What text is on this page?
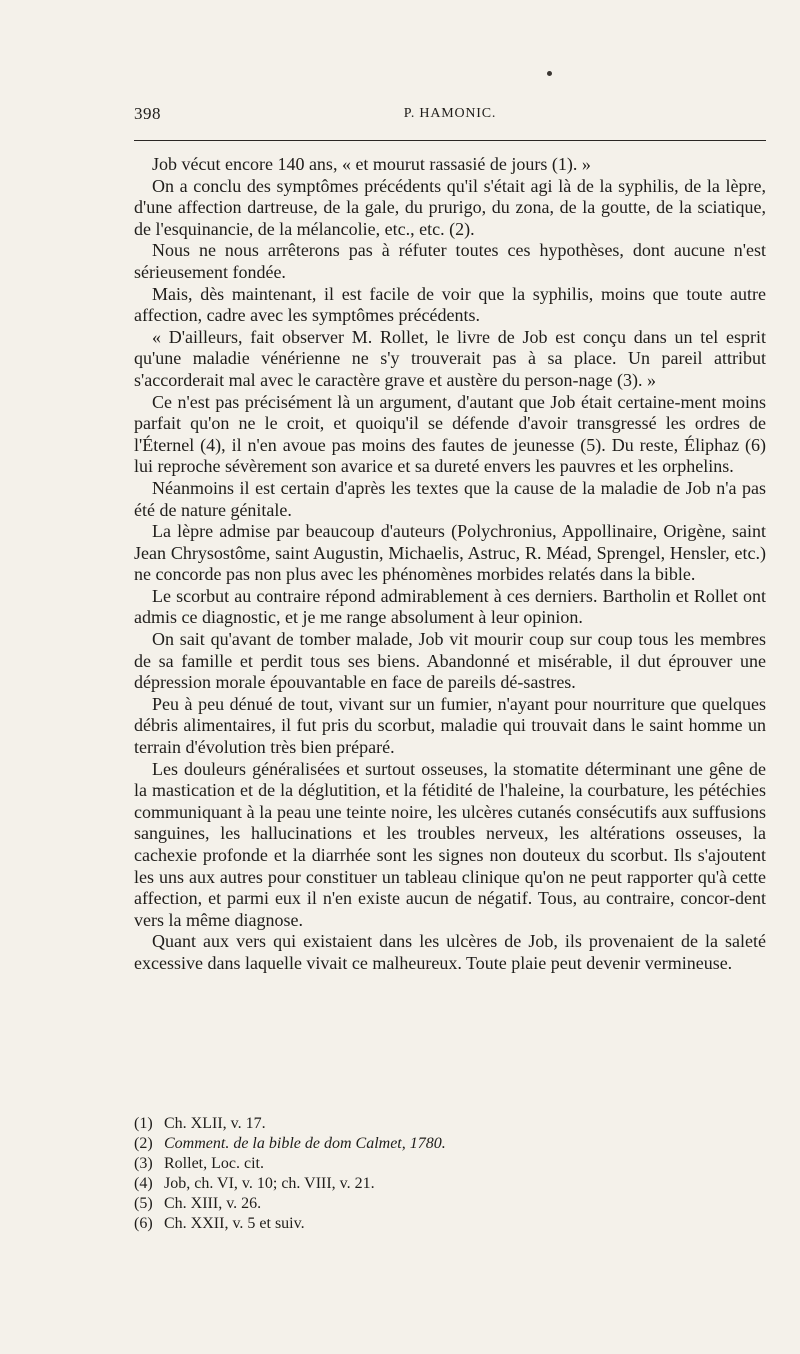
398	P. HAMONIC.

Job vécut encore 140 ans, « et mourut rassasié de jours (1). »

On a conclu des symptômes précédents qu'il s'était agi là de la syphilis, de la lèpre, d'une affection dartreuse, de la gale, du prurigo, du zona, de la goutte, de la sciatique, de l'esquinancie, de la mélancolie, etc., etc. (2).

Nous ne nous arrêterons pas à réfuter toutes ces hypothèses, dont aucune n'est sérieusement fondée.

Mais, dès maintenant, il est facile de voir que la syphilis, moins que toute autre affection, cadre avec les symptômes précédents.

« D'ailleurs, fait observer M. Rollet, le livre de Job est conçu dans un tel esprit qu'une maladie vénérienne ne s'y trouverait pas à sa place. Un pareil attribut s'accorderait mal avec le caractère grave et austère du person-nage (3). »

Ce n'est pas précisément là un argument, d'autant que Job était certaine-ment moins parfait qu'on ne le croit, et quoiqu'il se défende d'avoir transgressé les ordres de l'Éternel (4), il n'en avoue pas moins des fautes de jeunesse (5). Du reste, Éliphaz (6) lui reproche sévèrement son avarice et sa dureté envers les pauvres et les orphelins.

Néanmoins il est certain d'après les textes que la cause de la maladie de Job n'a pas été de nature génitale.

La lèpre admise par beaucoup d'auteurs (Polychronius, Appollinaire, Origène, saint Jean Chrysostôme, saint Augustin, Michaelis, Astruc, R. Méad, Sprengel, Hensler, etc.) ne concorde pas non plus avec les phénomènes morbides relatés dans la bible.

Le scorbut au contraire répond admirablement à ces derniers. Bartholin et Rollet ont admis ce diagnostic, et je me range absolument à leur opinion.

On sait qu'avant de tomber malade, Job vit mourir coup sur coup tous les membres de sa famille et perdit tous ses biens. Abandonné et misérable, il dut éprouver une dépression morale épouvantable en face de pareils dé-sastres.

Peu à peu dénué de tout, vivant sur un fumier, n'ayant pour nourriture que quelques débris alimentaires, il fut pris du scorbut, maladie qui trouvait dans le saint homme un terrain d'évolution très bien préparé.

Les douleurs généralisées et surtout osseuses, la stomatite déterminant une gêne de la mastication et de la déglutition, et la fétidité de l'haleine, la courbature, les pétéchies communiquant à la peau une teinte noire, les ulcères cutanés consécutifs aux suffusions sanguines, les hallucinations et les troubles nerveux, les altérations osseuses, la cachexie profonde et la diarrhée sont les signes non douteux du scorbut. Ils s'ajoutent les uns aux autres pour constituer un tableau clinique qu'on ne peut rapporter qu'à cette affection, et parmi eux il n'en existe aucun de négatif. Tous, au contraire, concor-dent vers la même diagnose.

Quant aux vers qui existaient dans les ulcères de Job, ils provenaient de la saleté excessive dans laquelle vivait ce malheureux. Toute plaie peut devenir vermineuse.

(1) Ch. XLII, v. 17.
(2) Comment. de la bible de dom Calmet, 1780.
(3) Rollet, Loc. cit.
(4) Job, ch. VI, v. 10; ch. VIII, v. 21.
(5) Ch. XIII, v. 26.
(6) Ch. XXII, v. 5 et suiv.
